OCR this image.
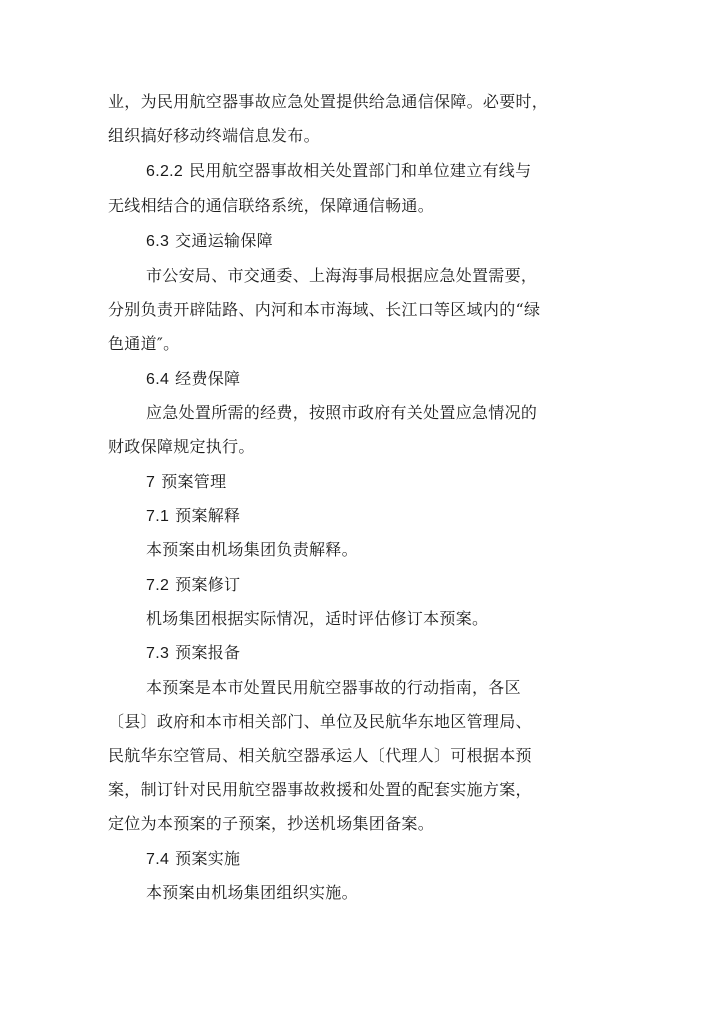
业，为民用航空器事故应急处置提供给急通信保障。必要时，
组织搞好移动终端信息发布。
6.2.2 民用航空器事故相关处置部门和单位建立有线与
无线相结合的通信联络系统，保障通信畅通。
6.3 交通运输保障
市公安局、市交通委、上海海事局根据应急处置需要，
分别负责开辟陆路、内河和本市海域、长江口等区域内的“绿
色通道″。
6.4 经费保障
应急处置所需的经费，按照市政府有关处置应急情况的
财政保障规定执行。
7 预案管理
7.1 预案解释
本预案由机场集团负责解释。
7.2 预案修订
机场集团根据实际情况，适时评估修订本预案。
7.3 预案报备
本预案是本市处置民用航空器事故的行动指南，各区
〔县〕政府和本市相关部门、单位及民航华东地区管理局、
民航华东空管局、相关航空器承运人〔代理人〕可根据本预
案，制订针对民用航空器事故救援和处置的配套实施方案，
定位为本预案的子预案，抄送机场集团备案。
7.4 预案实施
本预案由机场集团组织实施。
